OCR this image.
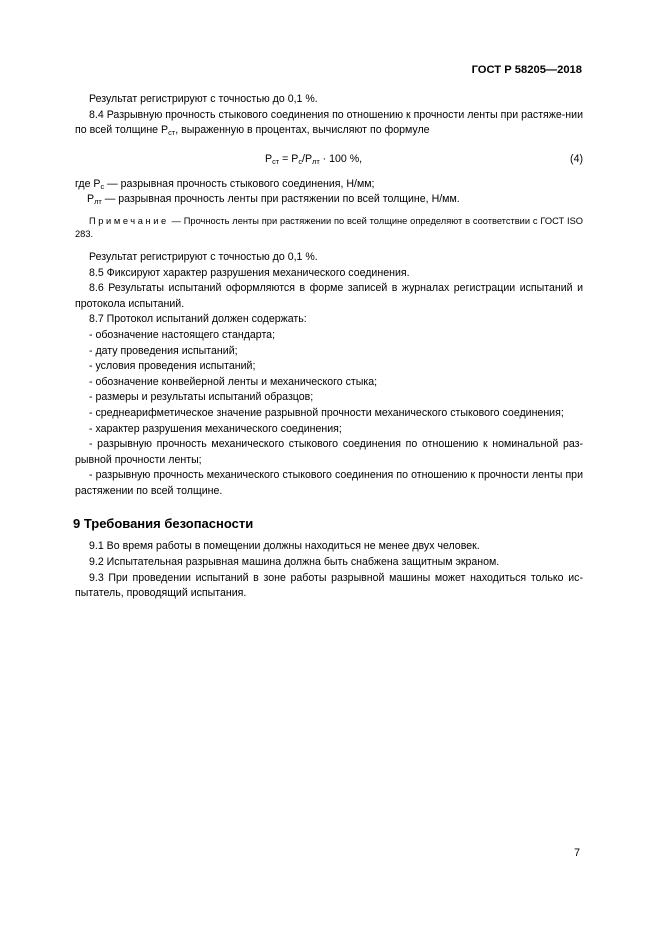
ГОСТ Р 58205—2018

Результат регистрируют с точностью до 0,1 %.

8.4 Разрывную прочность стыкового соединения по отношению к прочности ленты при растяже-нии по всей толщине $P_{ст}$, выраженную в процентах, вычисляют по формуле

$P_{ст} = P_с/P_{лт} \cdot 100$ %,	(4)

где $P_с$ — разрывная прочность стыкового соединения, Н/мм;

$P_{лт}$ — разрывная прочность ленты при растяжении по всей толщине, Н/мм.

Примечание — Прочность ленты при растяжении по всей толщине определяют в соответствии с ГОСТ ISO 283.

Результат регистрируют с точностью до 0,1 %.

8.5 Фиксируют характер разрушения механического соединения.

8.6 Результаты испытаний оформляются в форме записей в журналах регистрации испытаний и протокола испытаний.

8.7 Протокол испытаний должен содержать:

- обозначение настоящего стандарта;

- дату проведения испытаний;

- условия проведения испытаний;

- обозначение конвейерной ленты и механического стыка;

- размеры и результаты испытаний образцов;

- среднеарифметическое значение разрывной прочности механического стыкового соединения;

- характер разрушения механического соединения;

- разрывную прочность механического стыкового соединения по отношению к номинальной раз-рывной прочности ленты;

- разрывную прочность механического стыкового соединения по отношению к прочности ленты при растяжении по всей толщине.

9 Требования безопасности

9.1 Во время работы в помещении должны находиться не менее двух человек.

9.2 Испытательная разрывная машина должна быть снабжена защитным экраном.

9.3 При проведении испытаний в зоне работы разрывной машины может находиться только ис-пытатель, проводящий испытания.

7
